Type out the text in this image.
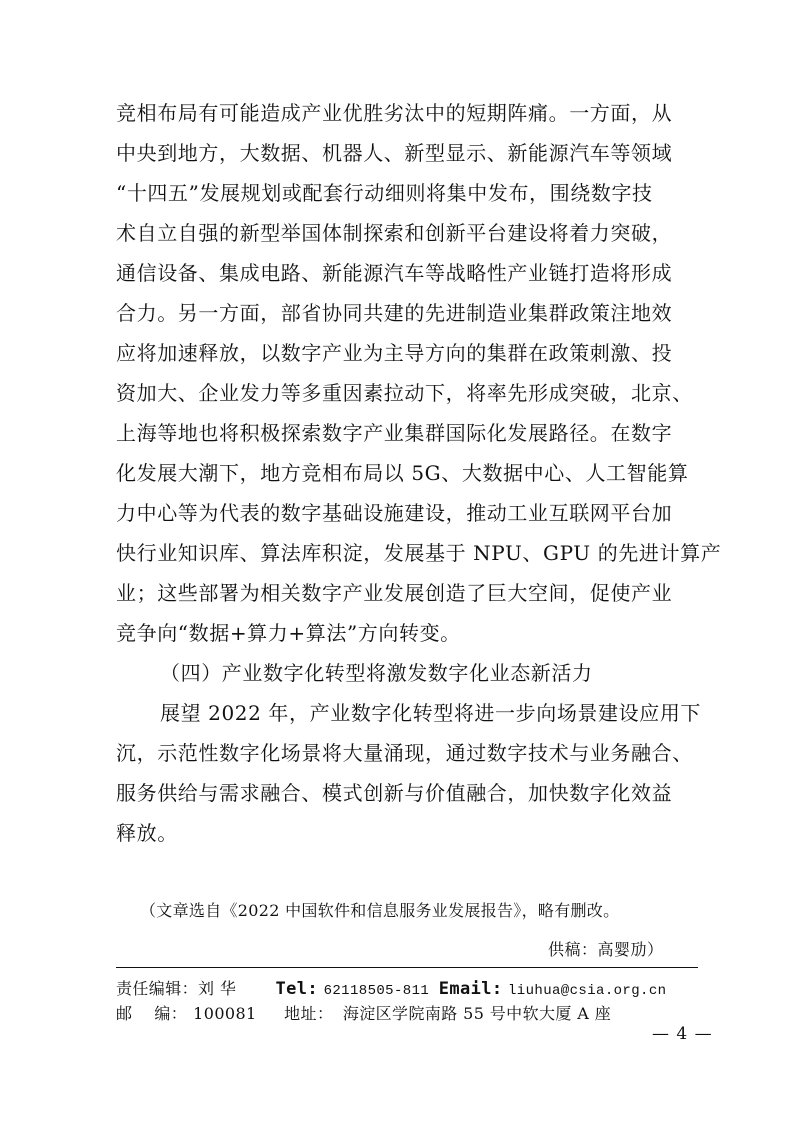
竞相布局有可能造成产业优胜劣汰中的短期阵痛。一方面，从

中央到地方，大数据、机器人、新型显示、新能源汽车等领域

“十四五”发展规划或配套行动细则将集中发布，围绕数字技

术自立自强的新型举国体制探索和创新平台建设将着力突破，

通信设备、集成电路、新能源汽车等战略性产业链打造将形成

合力。另一方面，部省协同共建的先进制造业集群政策注地效

应将加速释放，以数字产业为主导方向的集群在政策刺激、投

资加大、企业发力等多重因素拉动下，将率先形成突破，北京、

上海等地也将积极探索数字产业集群国际化发展路径。在数字

化发展大潮下，地方竞相布局以 5G、大数据中心、人工智能算

力中心等为代表的数字基础设施建设，推动工业互联网平台加

快行业知识库、算法库积淀，发展基于 NPU、GPU 的先进计算产

业；这些部署为相关数字产业发展创造了巨大空间，促使产业

竞争向“数据+算力+算法”方向转变。

（四）产业数字化转型将激发数字化业态新活力

展望 2022 年，产业数字化转型将进一步向场景建设应用下

沉，示范性数字化场景将大量涌现，通过数字技术与业务融合、

服务供给与需求融合、模式创新与价值融合，加快数字化效益

释放。

（文章选自《2022 中国软件和信息服务业发展报告》，略有删改。
供稿：高婴劢）
责任编辑：刘 华 Tel: 62118505-811 Email: liuhua@csia.org.cn
邮    编： 100081 地址： 海淀区学院南路 55 号中软大厦 A 座
— 4 —
